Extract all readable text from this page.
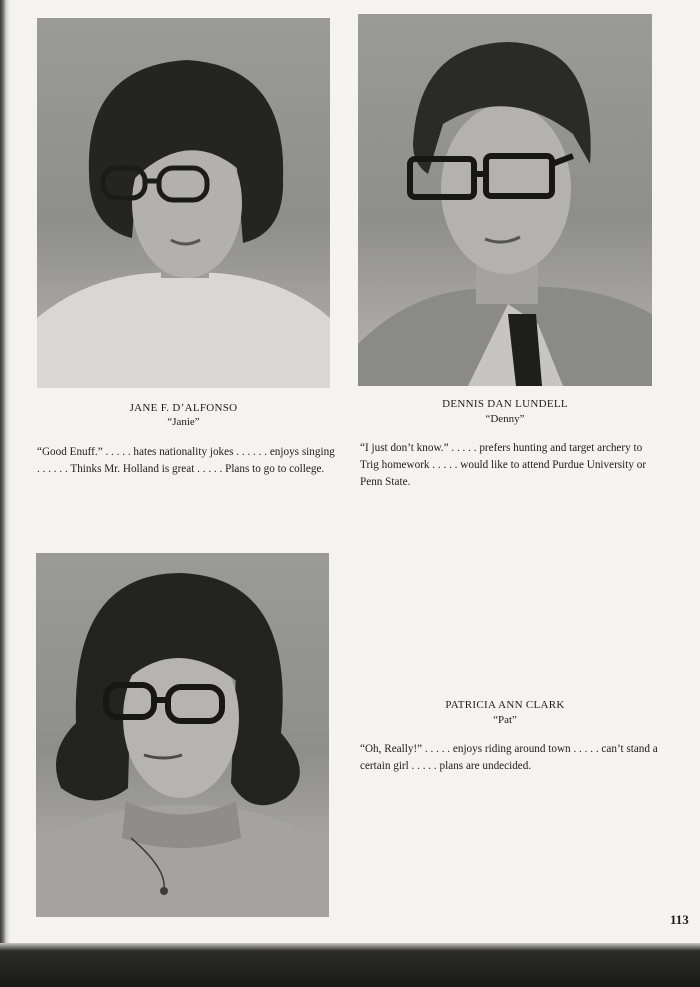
JANE F. D’ALFONSO
“Janie”

“Good Enuff.” . . . . . hates nationality jokes . . . . . . enjoys singing . . . . . . Thinks Mr. Holland is great . . . . . Plans to go to college.

DENNIS DAN LUNDELL
“Denny”

“I just don’t know.” . . . . . prefers hunting and target archery to Trig homework . . . . . would like to attend Purdue University or Penn State.

PATRICIA ANN CLARK
“Pat”

“Oh, Really!” . . . . . enjoys riding around town . . . . . can’t stand a certain girl . . . . . plans are undecided.

113
